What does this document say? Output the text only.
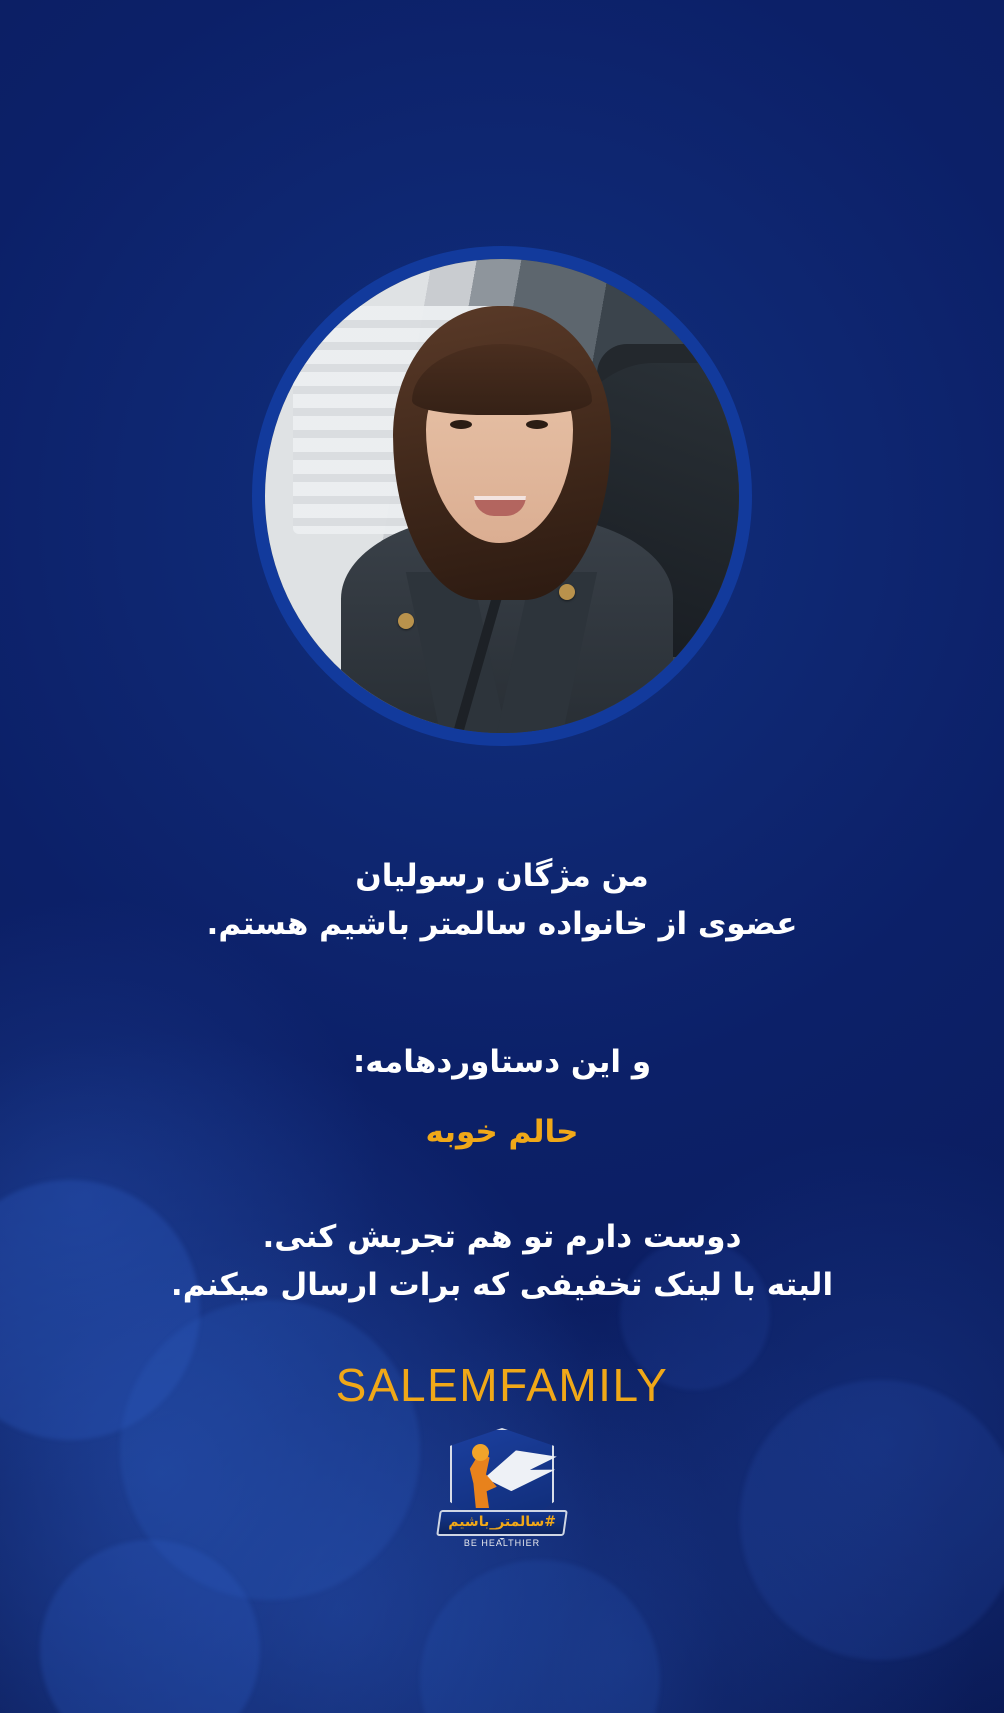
من مژگان رسولیان
عضوی از خانواده سالمتر باشیم هستم.
و این دستاوردهامه:
حالم خوبه
دوست دارم تو هم تجربش کنی.
البته با لینک تخفیفی که برات ارسال میکنم.
SALEMFAMILY
#سالمتر_باشیم
BE HEALTHIER
